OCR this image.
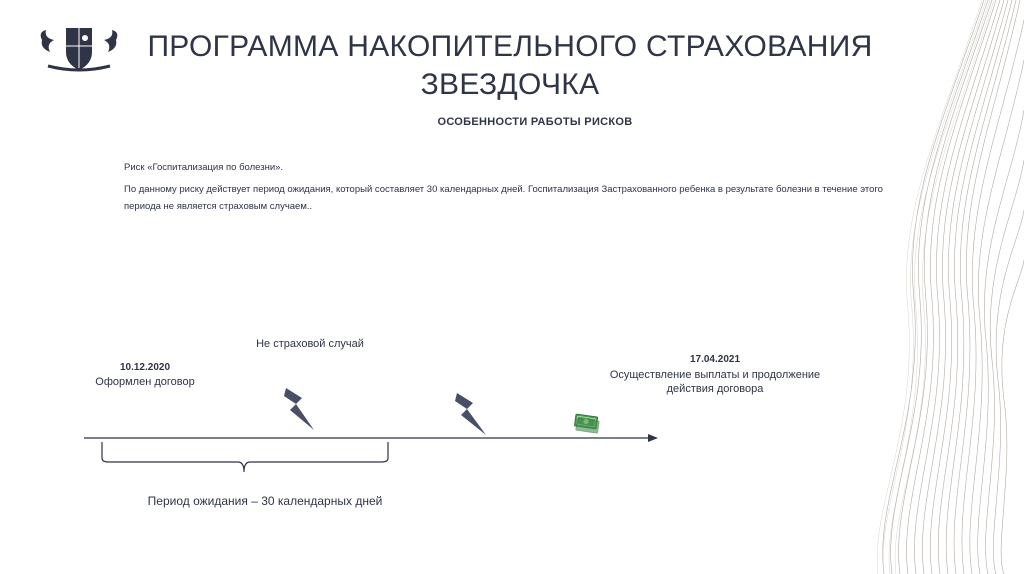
ПРОГРАММА НАКОПИТЕЛЬНОГО СТРАХОВАНИЯ
ЗВЕЗДОЧКА
ОСОБЕННОСТИ РАБОТЫ РИСКОВ
Риск «Госпитализация по болезни».
По данному риску действует период ожидания, который составляет 30 календарных дней. Госпитализация Застрахованного ребенка в результате болезни в течение этого периода не является страховым случаем..
10.12.2020
Оформлен договор
Не страховой случай
17.04.2021
Осуществление выплаты и продолжение
действия договора
Период ожидания – 30 календарных дней
